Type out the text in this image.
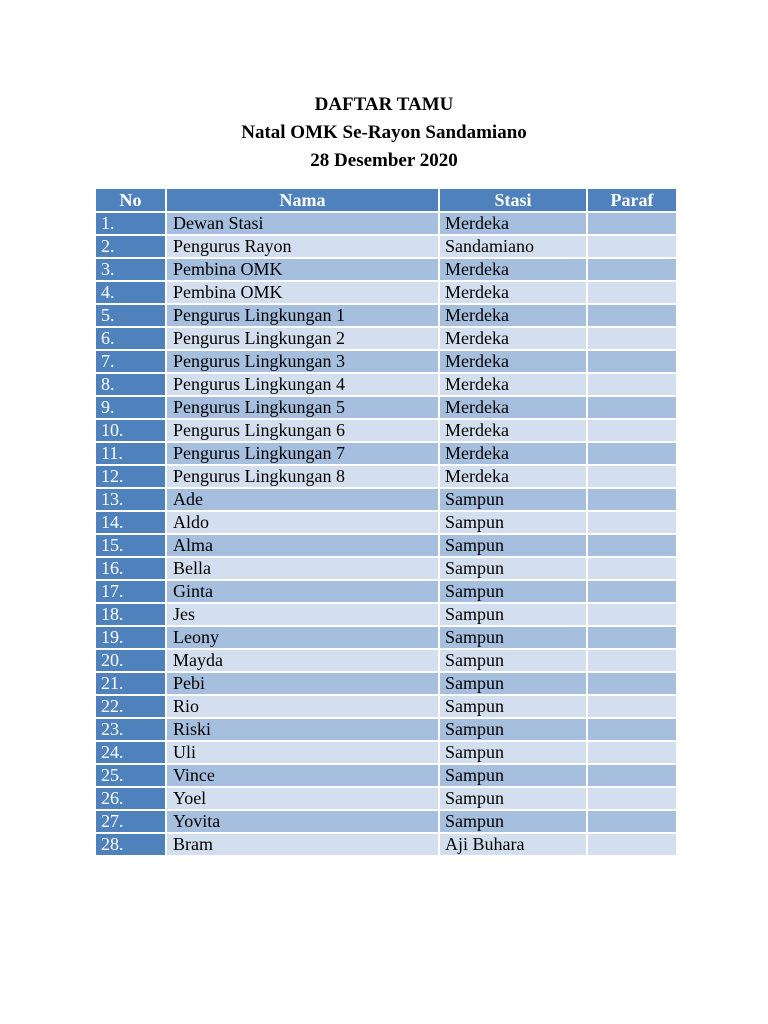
DAFTAR TAMU
Natal OMK Se-Rayon Sandamiano
28 Desember 2020
No	Nama	Stasi	Paraf
1.	Dewan Stasi	Merdeka	
2.	Pengurus Rayon	Sandamiano	
3.	Pembina OMK	Merdeka	
4.	Pembina OMK	Merdeka	
5.	Pengurus Lingkungan 1	Merdeka	
6.	Pengurus Lingkungan 2	Merdeka	
7.	Pengurus Lingkungan 3	Merdeka	
8.	Pengurus Lingkungan 4	Merdeka	
9.	Pengurus Lingkungan 5	Merdeka	
10.	Pengurus Lingkungan 6	Merdeka	
11.	Pengurus Lingkungan 7	Merdeka	
12.	Pengurus Lingkungan 8	Merdeka	
13.	Ade	Sampun	
14.	Aldo	Sampun	
15.	Alma	Sampun	
16.	Bella	Sampun	
17.	Ginta	Sampun	
18.	Jes	Sampun	
19.	Leony	Sampun	
20.	Mayda	Sampun	
21.	Pebi	Sampun	
22.	Rio	Sampun	
23.	Riski	Sampun	
24.	Uli	Sampun	
25.	Vince	Sampun	
26.	Yoel	Sampun	
27.	Yovita	Sampun	
28.	Bram	Aji Buhara	
